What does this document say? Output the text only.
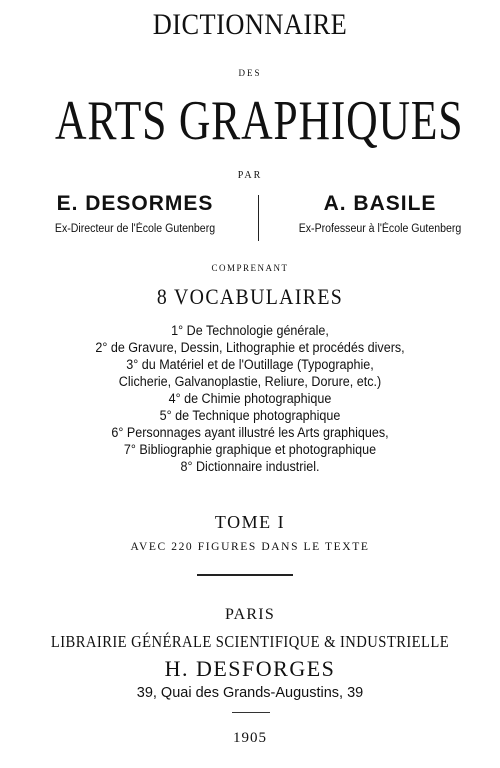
DICTIONNAIRE
DES
ARTS GRAPHIQUES
PAR
E. DESORMES
Ex-Directeur de l'École Gutenberg
A. BASILE
Ex-Professeur à l'École Gutenberg
COMPRENANT
8 VOCABULAIRES
1° De Technologie générale,
2° de Gravure, Dessin, Lithographie et procédés divers,
3° du Matériel et de l'Outillage (Typographie,
Clicherie, Galvanoplastie, Reliure, Dorure, etc.)
4° de Chimie photographique
5° de Technique photographique
6° Personnages ayant illustré les Arts graphiques,
7° Bibliographie graphique et photographique
8° Dictionnaire industriel.
TOME I
AVEC 220 FIGURES DANS LE TEXTE
PARIS
LIBRAIRIE GÉNÉRALE SCIENTIFIQUE & INDUSTRIELLE
H. DESFORGES
39, Quai des Grands-Augustins, 39
1905
